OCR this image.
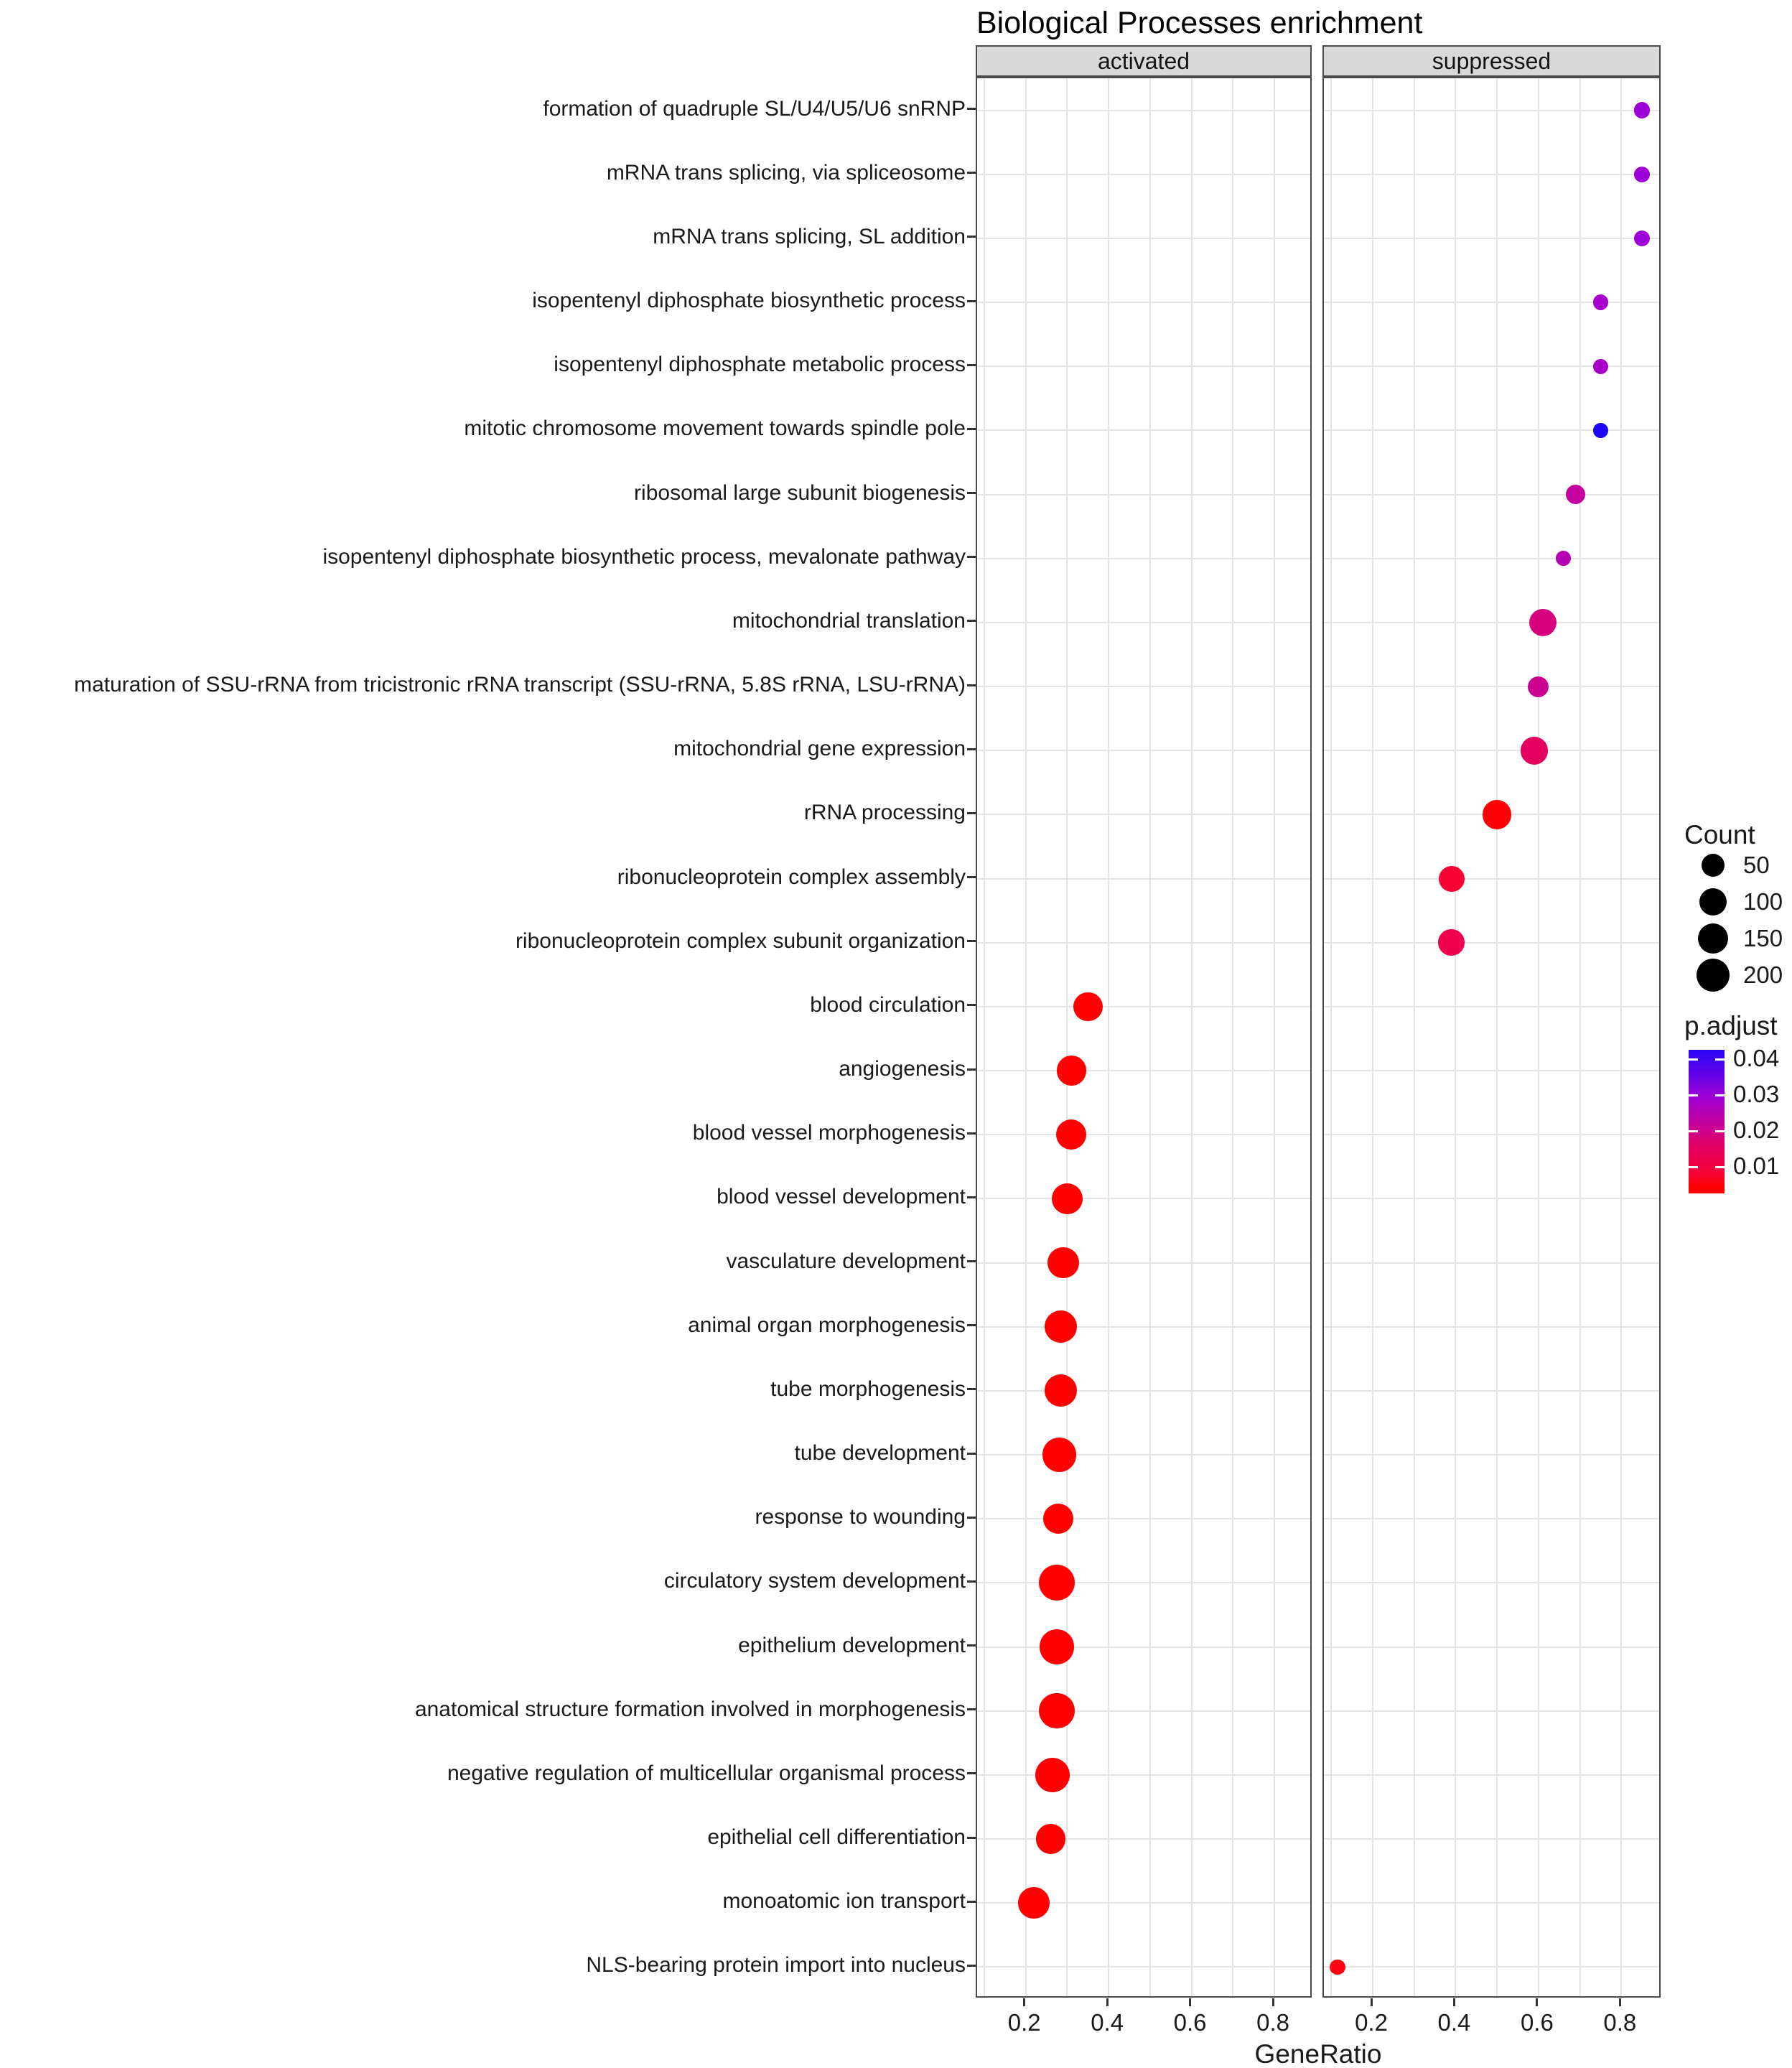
Biological Processes enrichment
activated	suppressed
formation of quadruple SL/U4/U5/U6 snRNP
mRNA trans splicing, via spliceosome
mRNA trans splicing, SL addition
isopentenyl diphosphate biosynthetic process
isopentenyl diphosphate metabolic process
mitotic chromosome movement towards spindle pole
ribosomal large subunit biogenesis
isopentenyl diphosphate biosynthetic process, mevalonate pathway
mitochondrial translation
maturation of SSU-rRNA from tricistronic rRNA transcript (SSU-rRNA, 5.8S rRNA, LSU-rRNA)
mitochondrial gene expression
rRNA processing
ribonucleoprotein complex assembly
ribonucleoprotein complex subunit organization
blood circulation
angiogenesis
blood vessel morphogenesis
blood vessel development
vasculature development
animal organ morphogenesis
tube morphogenesis
tube development
response to wounding
circulatory system development
epithelium development
anatomical structure formation involved in morphogenesis
negative regulation of multicellular organismal process
epithelial cell differentiation
monoatomic ion transport
NLS-bearing protein import into nucleus
0.2 0.4 0.6 0.8	0.2 0.4 0.6 0.8
GeneRatio
Count
50
100
150
200
p.adjust
0.04
0.03
0.02
0.01
